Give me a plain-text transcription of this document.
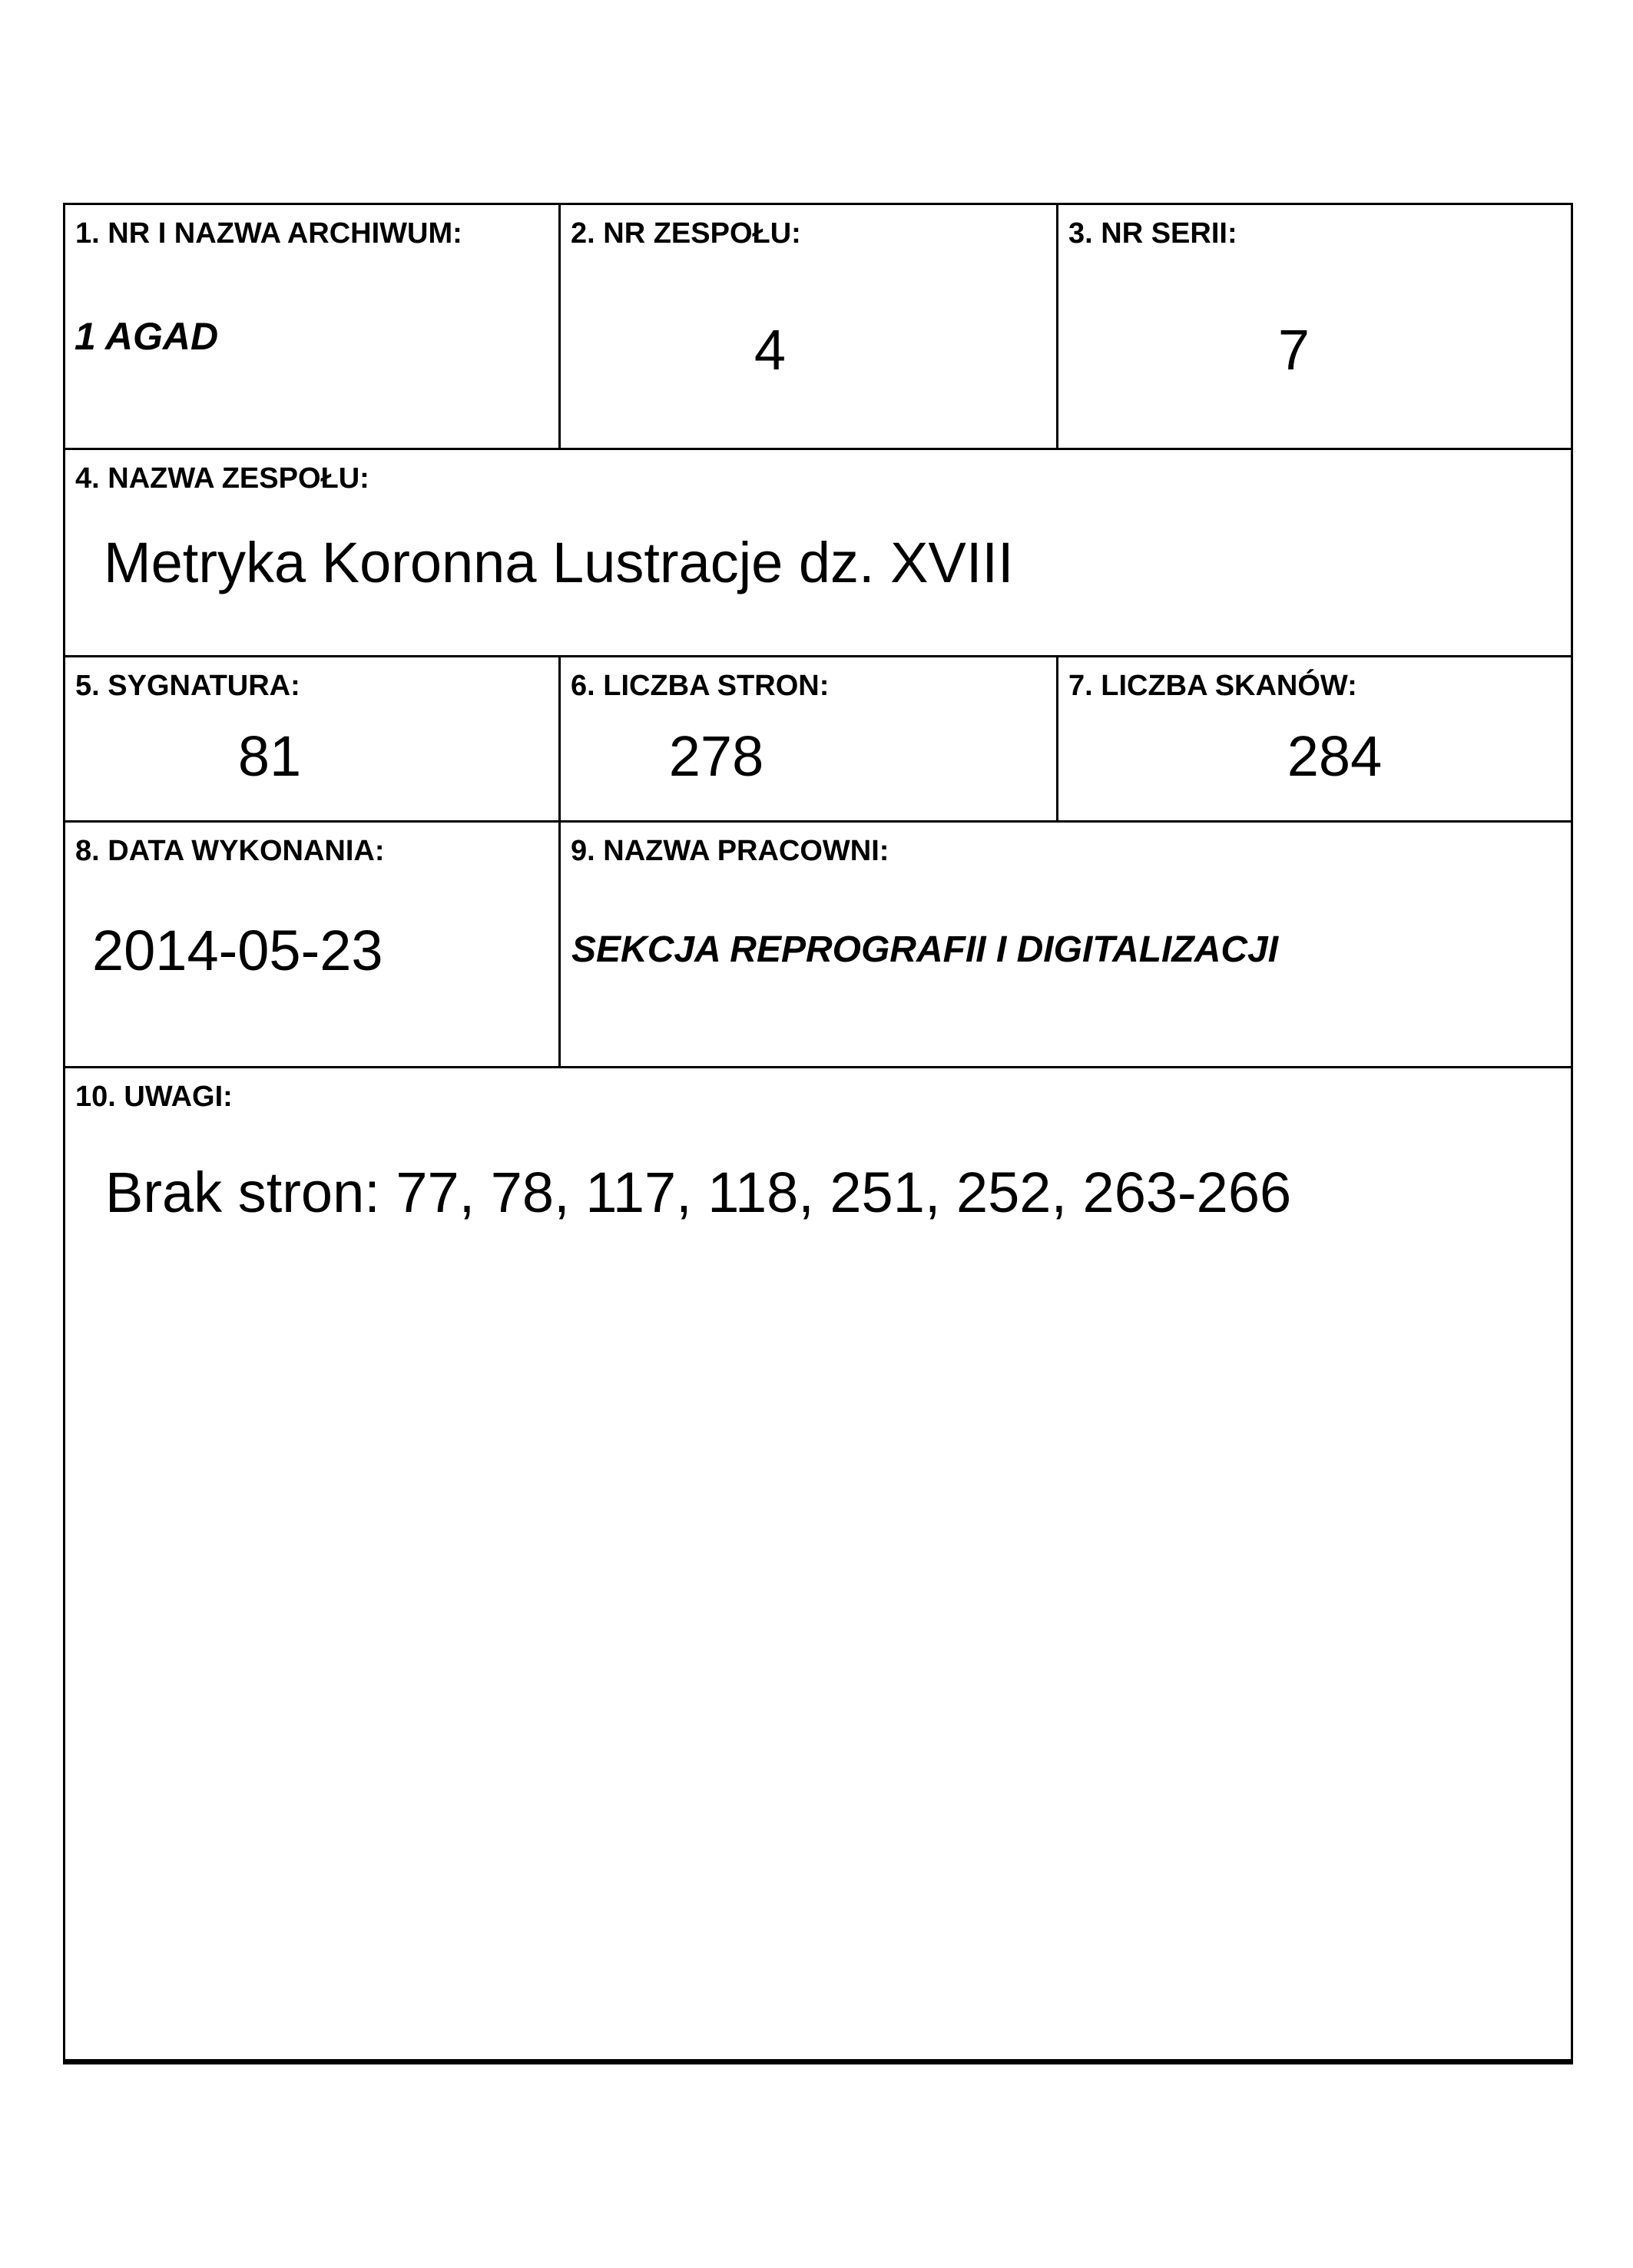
1. NR I NAZWA ARCHIWUM:
1 AGAD
2. NR ZESPOŁU:
4
3. NR SERII:
7
4. NAZWA ZESPOŁU:
Metryka Koronna Lustracje dz. XVIII
5. SYGNATURA:
81
6. LICZBA STRON:
278
7. LICZBA SKANÓW:
284
8. DATA WYKONANIA:
2014-05-23
9. NAZWA PRACOWNI:
SEKCJA REPROGRAFII I DIGITALIZACJI
10. UWAGI:
Brak stron: 77, 78, 117, 118, 251, 252, 263-266
